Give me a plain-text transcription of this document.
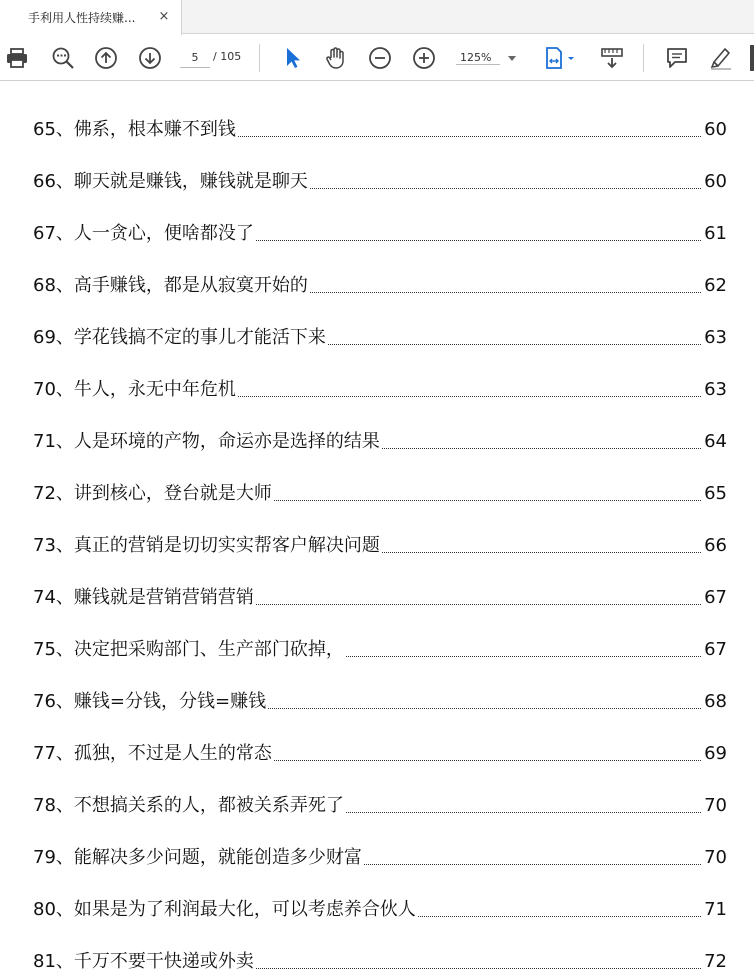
手利用人性持续赚...	×
5
/ 105	125%
65、 佛系，根本赚不到钱	60
66、 聊天就是赚钱，赚钱就是聊天	60
67、 人一贪心，便啥都没了	61
68、 高手赚钱，都是从寂寞开始的	62
69、 学花钱搞不定的事儿才能活下来	63
70、 牛人，永无中年危机	63
71、 人是环境的产物，命运亦是选择的结果	64
72、 讲到核心，登台就是大师	65
73、 真正的营销是切切实实帮客户解决问题	66
74、 赚钱就是营销营销营销	67
75、 决定把采购部门、生产部门砍掉，	67
76、 赚钱=分钱，分钱=赚钱	68
77、 孤独，不过是人生的常态	69
78、 不想搞关系的人，都被关系弄死了	70
79、 能解决多少问题，就能创造多少财富	70
80、 如果是为了利润最大化，可以考虑养合伙人	71
81、 千万不要干快递或外卖	72
